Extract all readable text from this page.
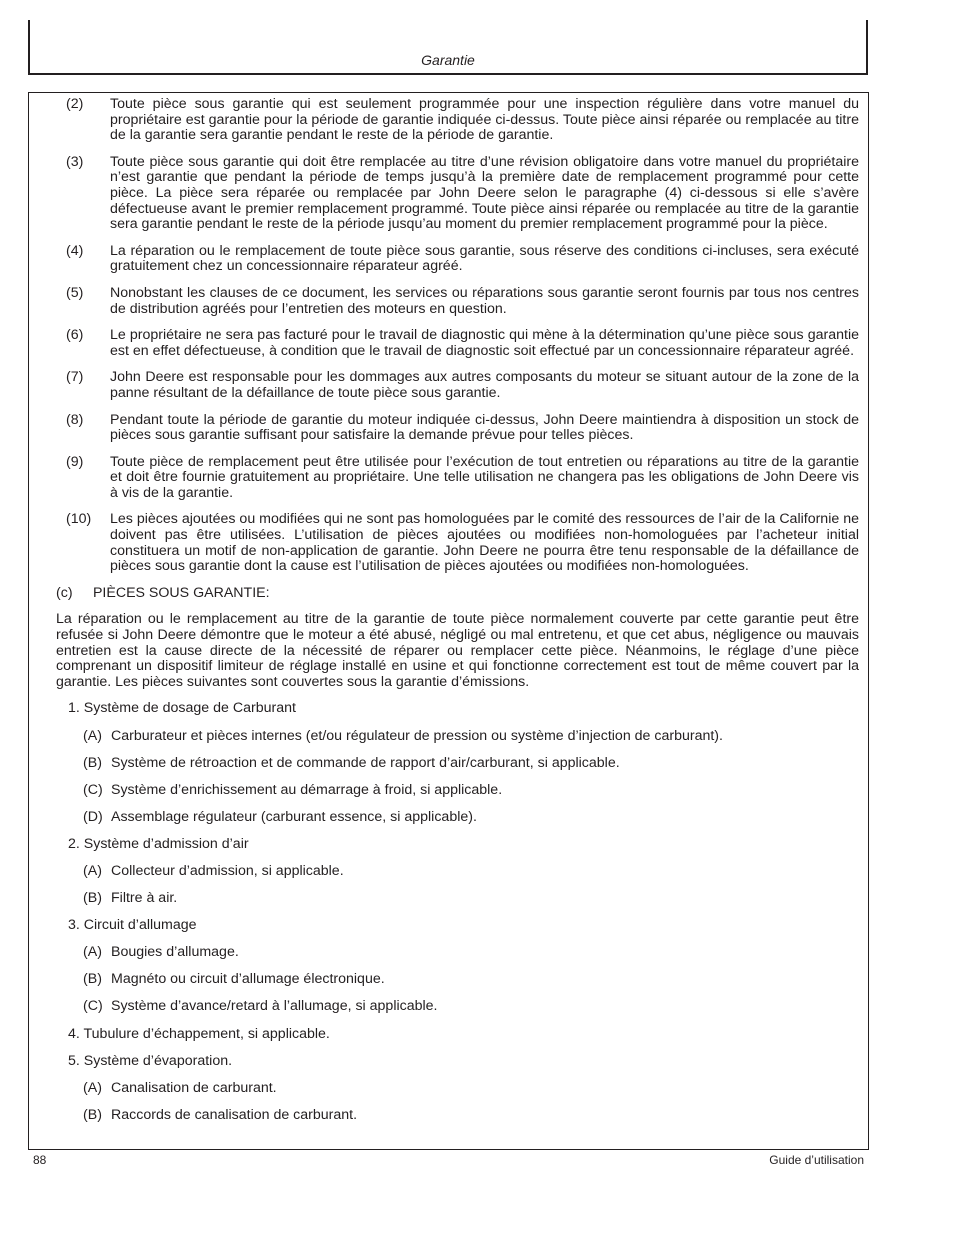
Garantie
(2)	Toute pièce sous garantie qui est seulement programmée pour une inspection régulière dans votre manuel du propriétaire est garantie pour la période de garantie indiquée ci-dessus. Toute pièce ainsi réparée ou remplacée au titre de la garantie sera garantie pendant le reste de la période de garantie.
(3)	Toute pièce sous garantie qui doit être remplacée au titre d’une révision obligatoire dans votre manuel du propriétaire n’est garantie que pendant la période de temps jusqu’à la première date de remplacement programmé pour cette pièce. La pièce sera réparée ou remplacée par John Deere selon le paragraphe (4) ci-dessous si elle s’avère défectueuse avant le premier remplacement programmé. Toute pièce ainsi réparée ou remplacée au titre de la garantie sera garantie pendant le reste de la période jusqu’au moment du premier remplacement programmé pour la pièce.
(4)	La réparation ou le remplacement de toute pièce sous garantie, sous réserve des conditions ci-incluses, sera exécuté gratuitement chez un concessionnaire réparateur agréé.
(5)	Nonobstant les clauses de ce document, les services ou réparations sous garantie seront fournis par tous nos centres de distribution agréés pour l’entretien des moteurs en question.
(6)	Le propriétaire ne sera pas facturé pour le travail de diagnostic qui mène à la détermination qu’une pièce sous garantie est en effet défectueuse, à condition que le travail de diagnostic soit effectué par un concessionnaire réparateur agréé.
(7)	John Deere est responsable pour les dommages aux autres composants du moteur se situant autour de la zone de la panne résultant de la défaillance de toute pièce sous garantie.
(8)	Pendant toute la période de garantie du moteur indiquée ci-dessus, John Deere maintiendra à disposition un stock de pièces sous garantie suffisant pour satisfaire la demande prévue pour telles pièces.
(9)	Toute pièce de remplacement peut être utilisée pour l’exécution de tout entretien ou réparations au titre de la garantie et doit être fournie gratuitement au propriétaire. Une telle utilisation ne changera pas les obligations de John Deere vis à vis de la garantie.
(10)	Les pièces ajoutées ou modifiées qui ne sont pas homologuées par le comité des ressources de l’air de la Californie ne doivent pas être utilisées. L’utilisation de pièces ajoutées ou modifiées non-homologuées par l’acheteur initial constituera un motif de non-application de garantie. John Deere ne pourra être tenu responsable de la défaillance de pièces sous garantie dont la cause est l’utilisation de pièces ajoutées ou modifiées non-homologuées.
(c) PIÈCES SOUS GARANTIE:
La réparation ou le remplacement au titre de la garantie de toute pièce normalement couverte par cette garantie peut être refusée si John Deere démontre que le moteur a été abusé, négligé ou mal entretenu, et que cet abus, négligence ou mauvais entretien est la cause directe de la nécessité de réparer ou remplacer cette pièce. Néanmoins, le réglage d’une pièce comprenant un dispositif limiteur de réglage installé en usine et qui fonctionne correctement est tout de même couvert par la garantie. Les pièces suivantes sont couvertes sous la garantie d’émissions.
1. Système de dosage de Carburant
(A) Carburateur et pièces internes (et/ou régulateur de pression ou système d’injection de carburant).
(B) Système de rétroaction et de commande de rapport d’air/carburant, si applicable.
(C) Système d’enrichissement au démarrage à froid, si applicable.
(D) Assemblage régulateur (carburant essence, si applicable).
2. Système d’admission d’air
(A) Collecteur d’admission, si applicable.
(B) Filtre à air.
3. Circuit d’allumage
(A) Bougies d’allumage.
(B) Magnéto ou circuit d’allumage électronique.
(C) Système d’avance/retard à l’allumage, si applicable.
4. Tubulure d’échappement, si applicable.
5. Système d’évaporation.
(A) Canalisation de carburant.
(B) Raccords de canalisation de carburant.
88	Guide d’utilisation
